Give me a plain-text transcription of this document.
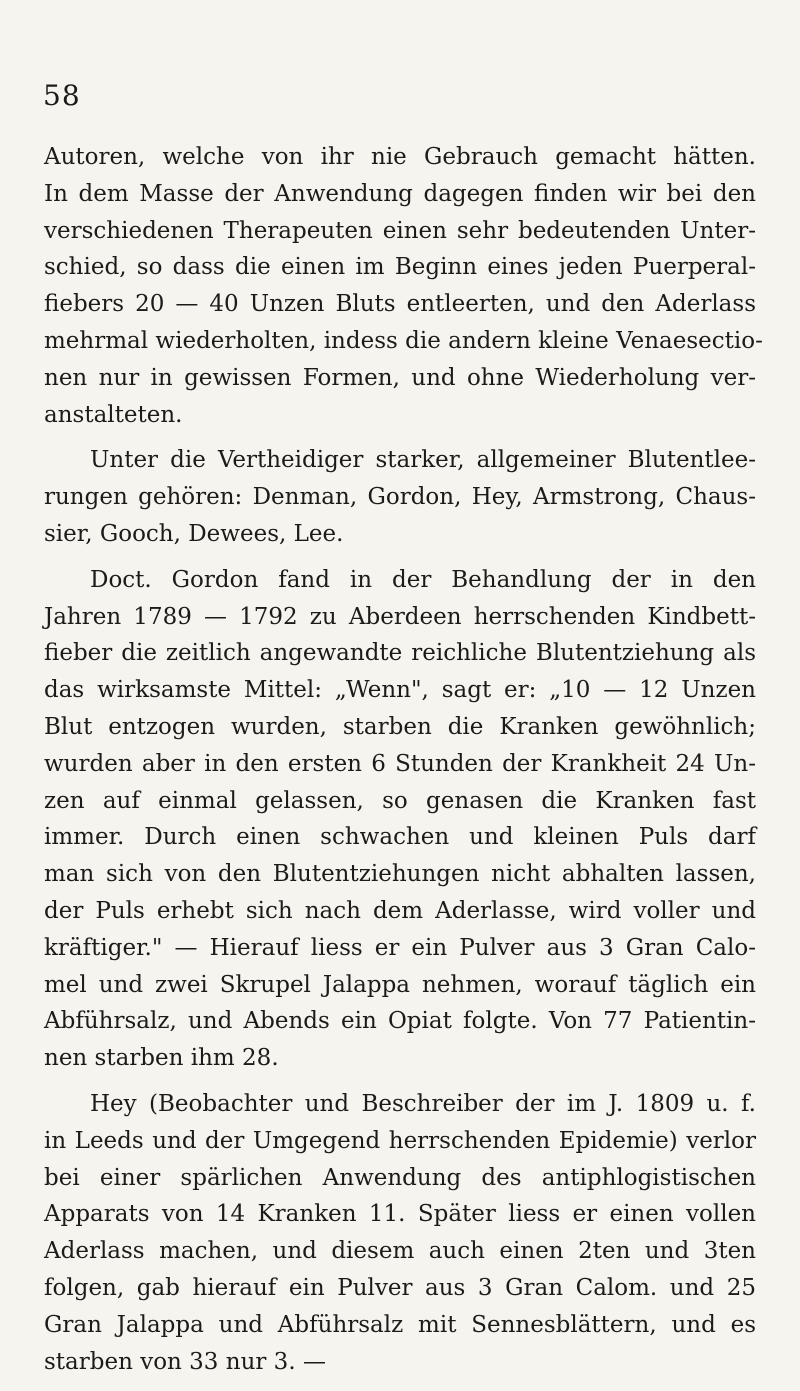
58
Autoren, welche von ihr nie Gebrauch gemacht hätten.
In dem Masse der Anwendung dagegen finden wir bei den
verschiedenen Therapeuten einen sehr bedeutenden Unter-
schied, so dass die einen im Beginn eines jeden Puerperal-
fiebers 20 — 40 Unzen Bluts entleerten, und den Aderlass
mehrmal wiederholten, indess die andern kleine Venaesectio-
nen nur in gewissen Formen, und ohne Wiederholung ver-
anstalteten.
Unter die Vertheidiger starker, allgemeiner Blutentlee-
rungen gehören: Denman, Gordon, Hey, Armstrong, Chaus-
sier, Gooch, Dewees, Lee.
Doct. Gordon fand in der Behandlung der in den
Jahren 1789 — 1792 zu Aberdeen herrschenden Kindbett-
fieber die zeitlich angewandte reichliche Blutentziehung als
das wirksamste Mittel: „Wenn", sagt er: „10 — 12 Unzen
Blut entzogen wurden, starben die Kranken gewöhnlich;
wurden aber in den ersten 6 Stunden der Krankheit 24 Un-
zen auf einmal gelassen, so genasen die Kranken fast
immer. Durch einen schwachen und kleinen Puls darf
man sich von den Blutentziehungen nicht abhalten lassen,
der Puls erhebt sich nach dem Aderlasse, wird voller und
kräftiger." — Hierauf liess er ein Pulver aus 3 Gran Calo-
mel und zwei Skrupel Jalappa nehmen, worauf täglich ein
Abführsalz, und Abends ein Opiat folgte. Von 77 Patientin-
nen starben ihm 28.
Hey (Beobachter und Beschreiber der im J. 1809 u. f.
in Leeds und der Umgegend herrschenden Epidemie) verlor
bei einer spärlichen Anwendung des antiphlogistischen
Apparats von 14 Kranken 11. Später liess er einen vollen
Aderlass machen, und diesem auch einen 2ten und 3ten
folgen, gab hierauf ein Pulver aus 3 Gran Calom. und 25
Gran Jalappa und Abführsalz mit Sennesblättern, und es
starben von 33 nur 3. —
